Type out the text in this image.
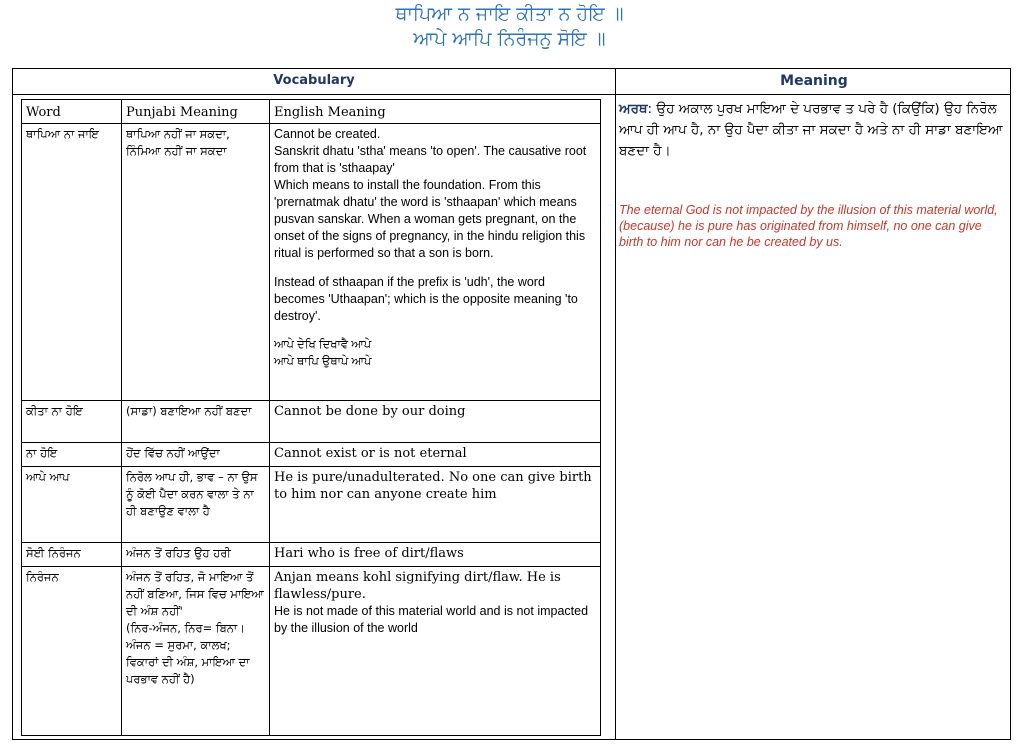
ਥਾਪਿਆ ਨ ਜਾਇ ਕੀਤਾ ਨ ਹੋਇ ॥
ਆਪੇ ਆਪਿ ਨਿਰੰਜਨੁ ਸੋਇ ॥
Vocabulary	Meaning
Word	Punjabi Meaning	English Meaning
ਥਾਪਿਆ ਨਾ ਜਾਇ	ਥਾਪਿਆ ਨਹੀਂ ਜਾ ਸਕਦਾ, ਨਿੰਮਿਆ ਨਹੀਂ ਜਾ ਸਕਦਾ
Cannot be created.
Sanskrit dhatu 'stha' means 'to open'. The causative root from that is 'sthaapay'
Which means to install the foundation. From this 'prernatmak dhatu' the word is 'sthaapan' which means pusvan sanskar. When a woman gets pregnant, on the onset of the signs of pregnancy, in the hindu religion this ritual is performed so that a son is born.
Instead of sthaapan if the prefix is 'udh', the word becomes 'Uthaapan'; which is the opposite meaning 'to destroy'.
ਆਪੇ ਦੇਖਿ ਦਿਖਾਵੈ ਆਪੇ
ਆਪੇ ਥਾਪਿ ਉਥਾਪੇ ਆਪੇ
ਕੀਤਾ ਨਾ ਹੋਇ	(ਸਾਡਾ) ਬਣਾਇਆ ਨਹੀਂ ਬਣਦਾ	Cannot be done by our doing
ਨਾ ਹੋਇ	ਹੋਂਦ ਵਿੱਚ ਨਹੀਂ ਆਉਂਦਾ	Cannot exist or is not eternal
ਆਪੇ ਆਪ	ਨਿਰੋਲ ਆਪ ਹੀ, ਭਾਵ – ਨਾ ਉਸ ਨੂੰ ਕੋਈ ਪੈਦਾ ਕਰਨ ਵਾਲਾ ਤੇ ਨਾ ਹੀ ਬਣਾਉਣ ਵਾਲਾ ਹੈ
He is pure/unadulterated. No one can give birth to him nor can anyone create him
ਸੋਈ ਨਿਰੰਜਨ	ਅੰਜਨ ਤੋਂ ਰਹਿਤ ਉਹ ਹਰੀ	Hari who is free of dirt/flaws
ਨਿਰੰਜਨ	ਅੰਜਨ ਤੋਂ ਰਹਿਤ, ਜੋ ਮਾਇਆ ਤੋਂ ਨਹੀਂ ਬਣਿਆ, ਜਿਸ ਵਿਚ ਮਾਇਆ ਦੀ ਅੰਸ਼ ਨਹੀਂ'
(ਨਿਰ-ਅੰਜਨ, ਨਿਰ= ਬਿਨਾ। ਅੰਜਨ = ਸੁਰਮਾ, ਕਾਲਖ; ਵਿਕਾਰਾਂ ਦੀ ਅੰਸ਼, ਮਾਇਆ ਦਾ ਪਰਭਾਵ ਨਹੀਂ ਹੈ)
Anjan means kohl signifying dirt/flaw. He is flawless/pure.
He is not made of this material world and is not impacted by the illusion of the world
ਅਰਥ: ਉਹ ਅਕਾਲ ਪੁਰਖ ਮਾਇਆ ਦੇ ਪਰਭਾਵ ਤ ਪਰੇ ਹੈ (ਕਿਉਂਕਿ) ਉਹ ਨਿਰੋਲ ਆਪ ਹੀ ਆਪ ਹੈ, ਨਾ ਉਹ ਪੈਦਾ ਕੀਤਾ ਜਾ ਸਕਦਾ ਹੈ ਅਤੇ ਨਾ ਹੀ ਸਾਡਾ ਬਣਾਇਆ ਬਣਦਾ ਹੈ।
The eternal God is not impacted by the illusion of this material world, (because) he is pure has originated from himself, no one can give birth to him nor can he be created by us.
